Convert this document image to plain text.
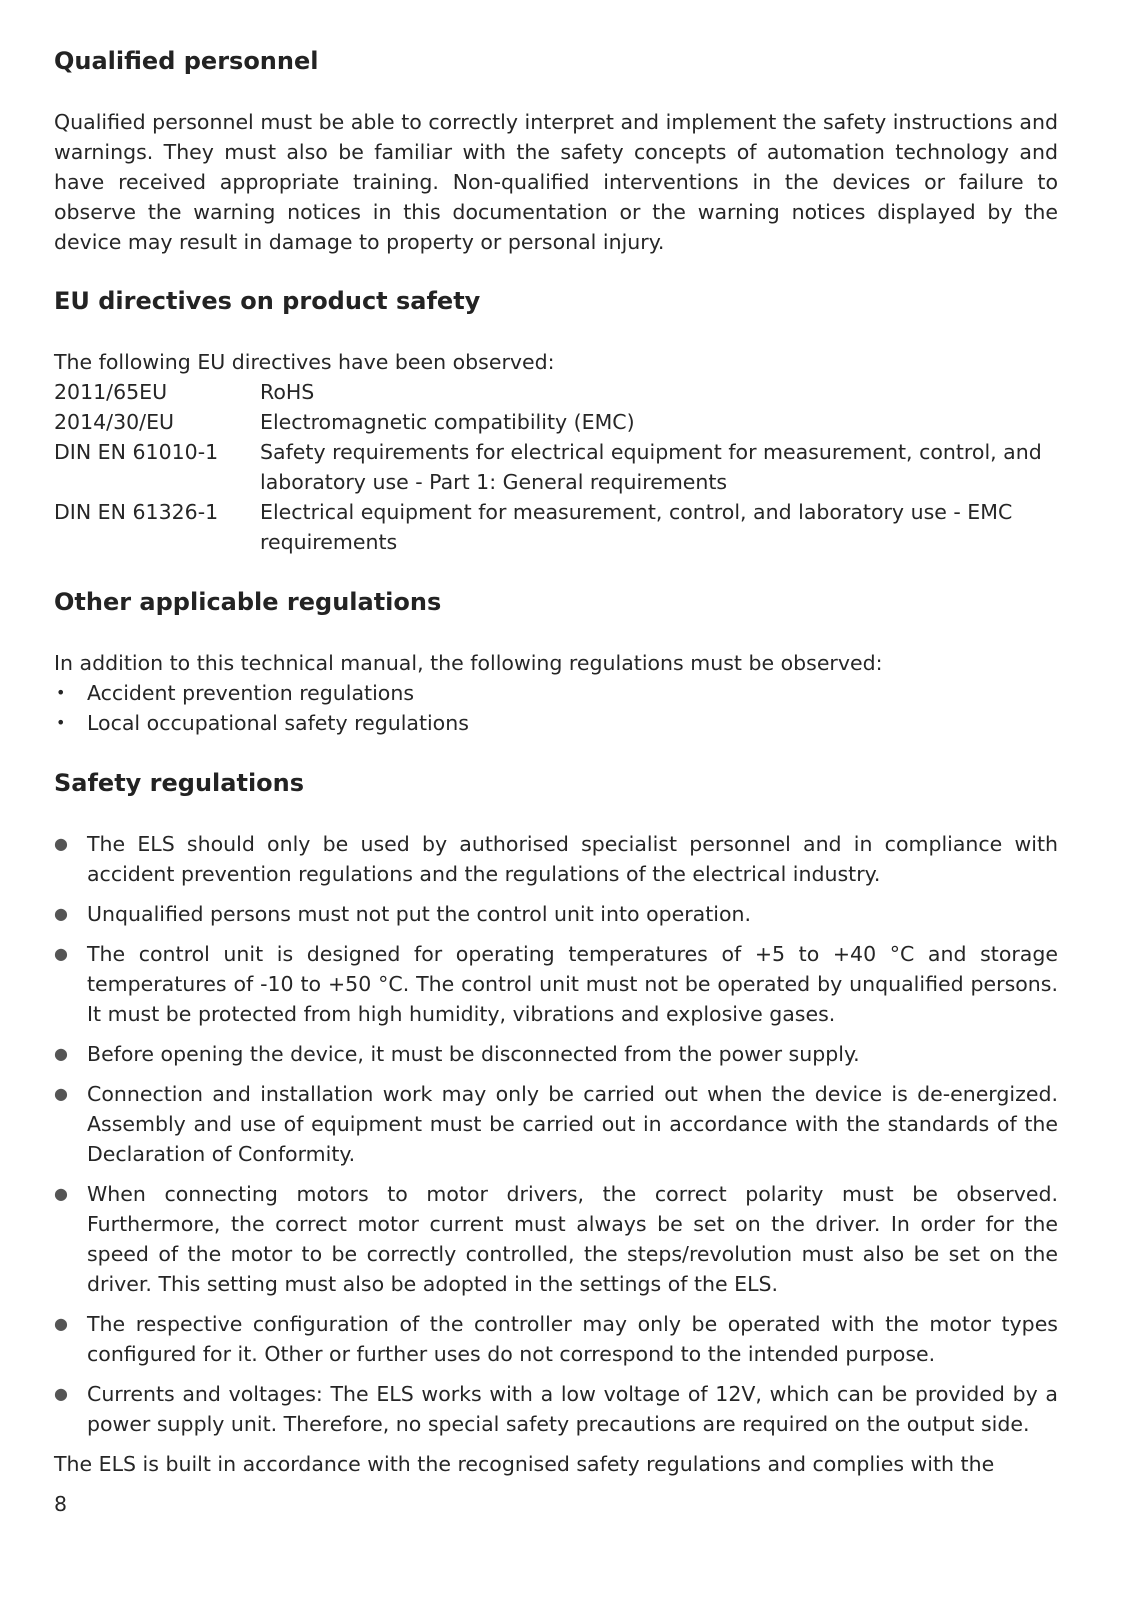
Qualified personnel

Qualified personnel must be able to correctly interpret and implement the safety instructions and warnings. They must also be familiar with the safety concepts of automation technology and have received appropriate training. Non-qualified interventions in the devices or failure to observe the warning notices in this documentation or the warning notices displayed by the device may result in damage to property or personal injury.

EU directives on product safety

The following EU directives have been observed:

2011/65EU	RoHS
2014/30/EU	Electromagnetic compatibility (EMC)
DIN EN 61010-1	Safety requirements for electrical equipment for measurement, control, and laboratory use - Part 1: General requirements
DIN EN 61326-1	Electrical equipment for measurement, control, and laboratory use - EMC requirements
Other applicable regulations

In addition to this technical manual, the following regulations must be observed:

• Accident prevention regulations
• Local occupational safety regulations
Safety regulations
● The ELS should only be used by authorised specialist personnel and in compliance with accident prevention regulations and the regulations of the electrical industry.
● Unqualified persons must not put the control unit into operation.
● The control unit is designed for operating temperatures of +5 to +40 °C and storage temperatures of -10 to +50 °C. The control unit must not be operated by unqualified persons. It must be protected from high humidity, vibrations and explosive gases.
● Before opening the device, it must be disconnected from the power supply.
● Connection and installation work may only be carried out when the device is de-energized. Assembly and use of equipment must be carried out in accordance with the standards of the Declaration of Conformity.
● When connecting motors to motor drivers, the correct polarity must be observed. Furthermore, the correct motor current must always be set on the driver. In order for the speed of the motor to be correctly controlled, the steps/revolution must also be set on the driver. This setting must also be adopted in the settings of the ELS.
● The respective configuration of the controller may only be operated with the motor types configured for it. Other or further uses do not correspond to the intended purpose.
● Currents and voltages: The ELS works with a low voltage of 12V, which can be provided by a power supply unit. Therefore, no special safety precautions are required on the output side.

The ELS is built in accordance with the recognised safety regulations and complies with the

8
